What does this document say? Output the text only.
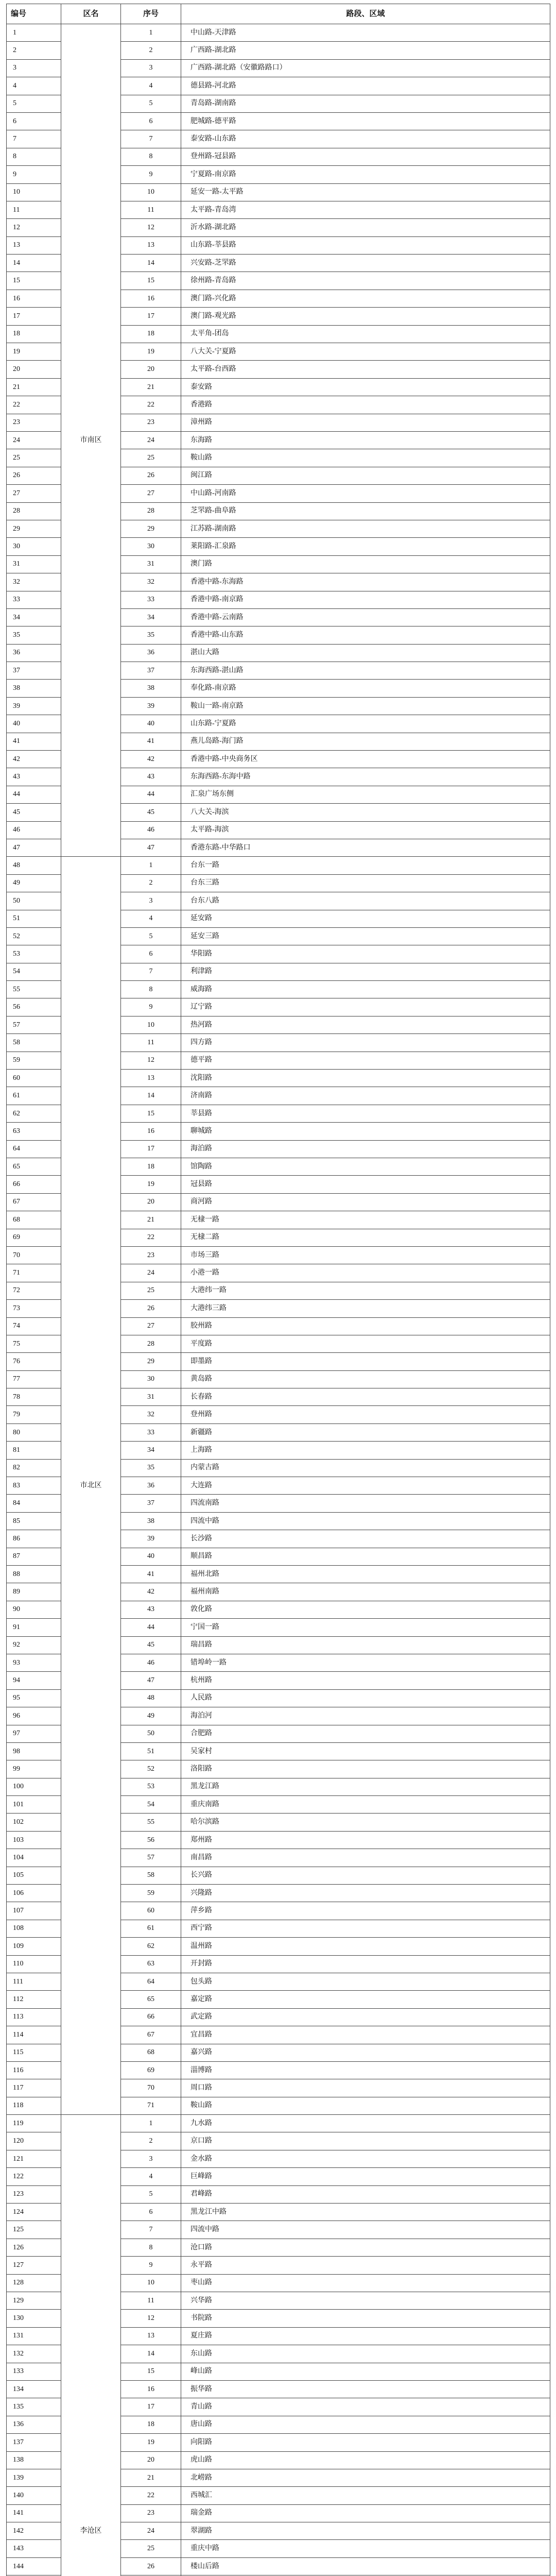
编号	区名	序号	路段、区域
1	市南区	1	中山路-天津路
2		2	广西路-湖北路
3		3	广西路-湖北路（安徽路路口）
4		4	德县路-河北路
5		5	青岛路-湖南路
6		6	肥城路-德平路
7		7	泰安路-山东路
8		8	登州路-冠县路
9		9	宁夏路-南京路
10		10	延安一路-太平路
11		11	太平路-青岛湾
12		12	沂水路-湖北路
13		13	山东路-莘县路
14		14	兴安路-芝罘路
15		15	徐州路-青岛路
16		16	澳门路-兴化路
17		17	澳门路-观光路
18		18	太平角-团岛
19		19	八大关-宁夏路
20		20	太平路-台西路
21		21	泰安路
22		22	香港路
23		23	漳州路
24		24	东海路
25		25	鞍山路
26		26	闽江路
27		27	中山路-河南路
28		28	芝罘路-曲阜路
29		29	江苏路-湖南路
30		30	莱阳路-汇泉路
31		31	澳门路
32		32	香港中路-东海路
33		33	香港中路-南京路
34		34	香港中路-云南路
35		35	香港中路-山东路
36		36	湛山大路
37		37	东海西路-湛山路
38		38	奉化路-南京路
39		39	鞍山一路-南京路
40		40	山东路-宁夏路
41		41	燕儿岛路-海门路
42		42	香港中路-中央商务区
43		43	东海西路-东海中路
44		44	汇泉广场东侧
45		45	八大关-海滨
46		46	太平路-海滨
47		47	香港东路-中华路口
48	市北区	1	台东一路
49		2	台东三路
50		3	台东八路
51		4	延安路
52		5	延安三路
53		6	华阳路
54		7	利津路
55		8	威海路
56		9	辽宁路
57		10	热河路
58		11	四方路
59		12	德平路
60		13	沈阳路
61		14	济南路
62		15	莘县路
63		16	聊城路
64		17	海泊路
65		18	馆陶路
66		19	冠县路
67		20	商河路
68		21	无棣一路
69		22	无棣二路
70		23	市场三路
71		24	小港一路
72		25	大港纬一路
73		26	大港纬三路
74		27	胶州路
75		28	平度路
76		29	即墨路
77		30	黄岛路
78		31	长春路
79		32	登州路
80		33	新疆路
81		34	上海路
82		35	内蒙古路
83		36	大连路
84		37	四流南路
85		38	四流中路
86		39	长沙路
87		40	顺昌路
88		41	福州北路
89		42	福州南路
90		43	敦化路
91		44	宁国一路
92		45	瑞昌路
93		46	错埠岭一路
94		47	杭州路
95		48	人民路
96		49	海泊河
97		50	合肥路
98		51	吴家村
99		52	洛阳路
100		53	黑龙江路
101		54	重庆南路
102		55	哈尔滨路
103		56	郑州路
104		57	南昌路
105		58	长兴路
106		59	兴隆路
107		60	萍乡路
108		61	西宁路
109		62	温州路
110		63	开封路
111		64	包头路
112		65	嘉定路
113		66	武定路
114		67	宜昌路
115		68	嘉兴路
116		69	淄博路
117		70	周口路
118		71	鞍山路
119	李沧区	1	九水路
120		2	京口路
121		3	金水路
122		4	巨峰路
123		5	君峰路
124		6	黑龙江中路
125		7	四流中路
126		8	沧口路
127		9	永平路
128		10	枣山路
129		11	兴华路
130		12	书院路
131		13	夏庄路
132		14	东山路
133		15	峰山路
134		16	振华路
135		17	青山路
136		18	唐山路
137		19	向阳路
138		20	虎山路
139		21	北崂路
140		22	西城汇
141		23	瑞金路
142		24	翠湖路
143		25	重庆中路
144		26	楼山后路
